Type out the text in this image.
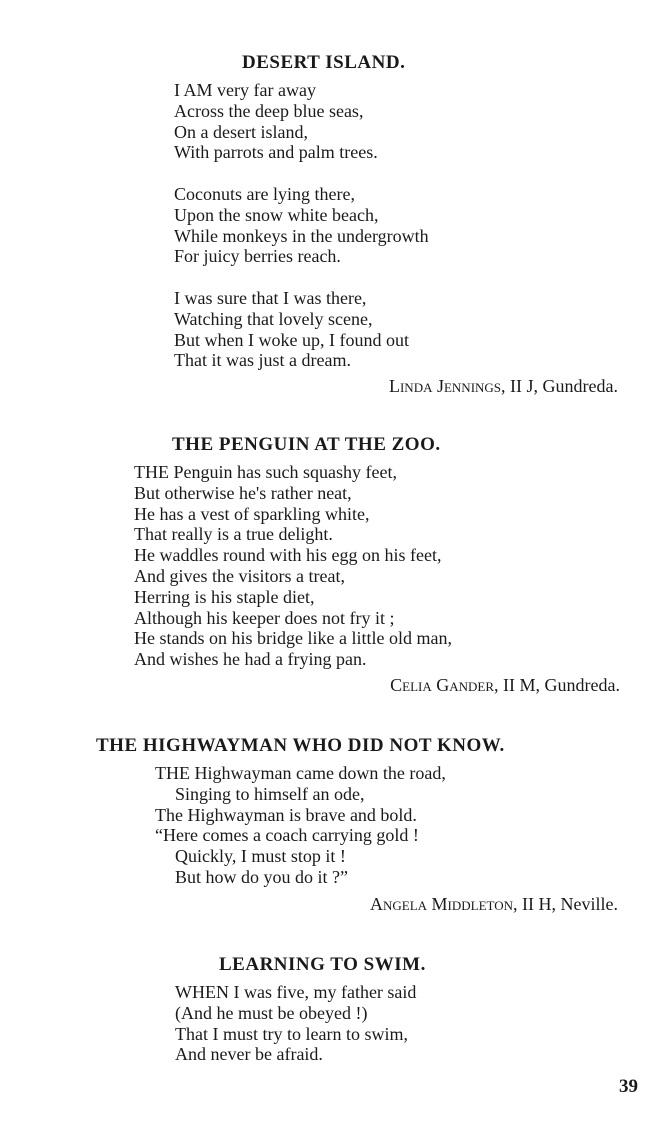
DESERT ISLAND.
I AM very far away
Across the deep blue seas,
On a desert island,
With parrots and palm trees.
Coconuts are lying there,
Upon the snow white beach,
While monkeys in the undergrowth
For juicy berries reach.
I was sure that I was there,
Watching that lovely scene,
But when I woke up, I found out
That it was just a dream.

Linda Jennings, II J, Gundreda.

THE PENGUIN AT THE ZOO.
THE Penguin has such squashy feet,
But otherwise he's rather neat,
He has a vest of sparkling white,
That really is a true delight.
He waddles round with his egg on his feet,
And gives the visitors a treat,
Herring is his staple diet,
Although his keeper does not fry it ;
He stands on his bridge like a little old man,
And wishes he had a frying pan.

Celia Gander, II M, Gundreda.

THE HIGHWAYMAN WHO DID NOT KNOW.
THE Highwayman came down the road,
Singing to himself an ode,
The Highwayman is brave and bold.
“Here comes a coach carrying gold !
Quickly, I must stop it !
But how do you do it ?”

Angela Middleton, II H, Neville.

LEARNING TO SWIM.
WHEN I was five, my father said
(And he must be obeyed !)
That I must try to learn to swim,
And never be afraid.

39
